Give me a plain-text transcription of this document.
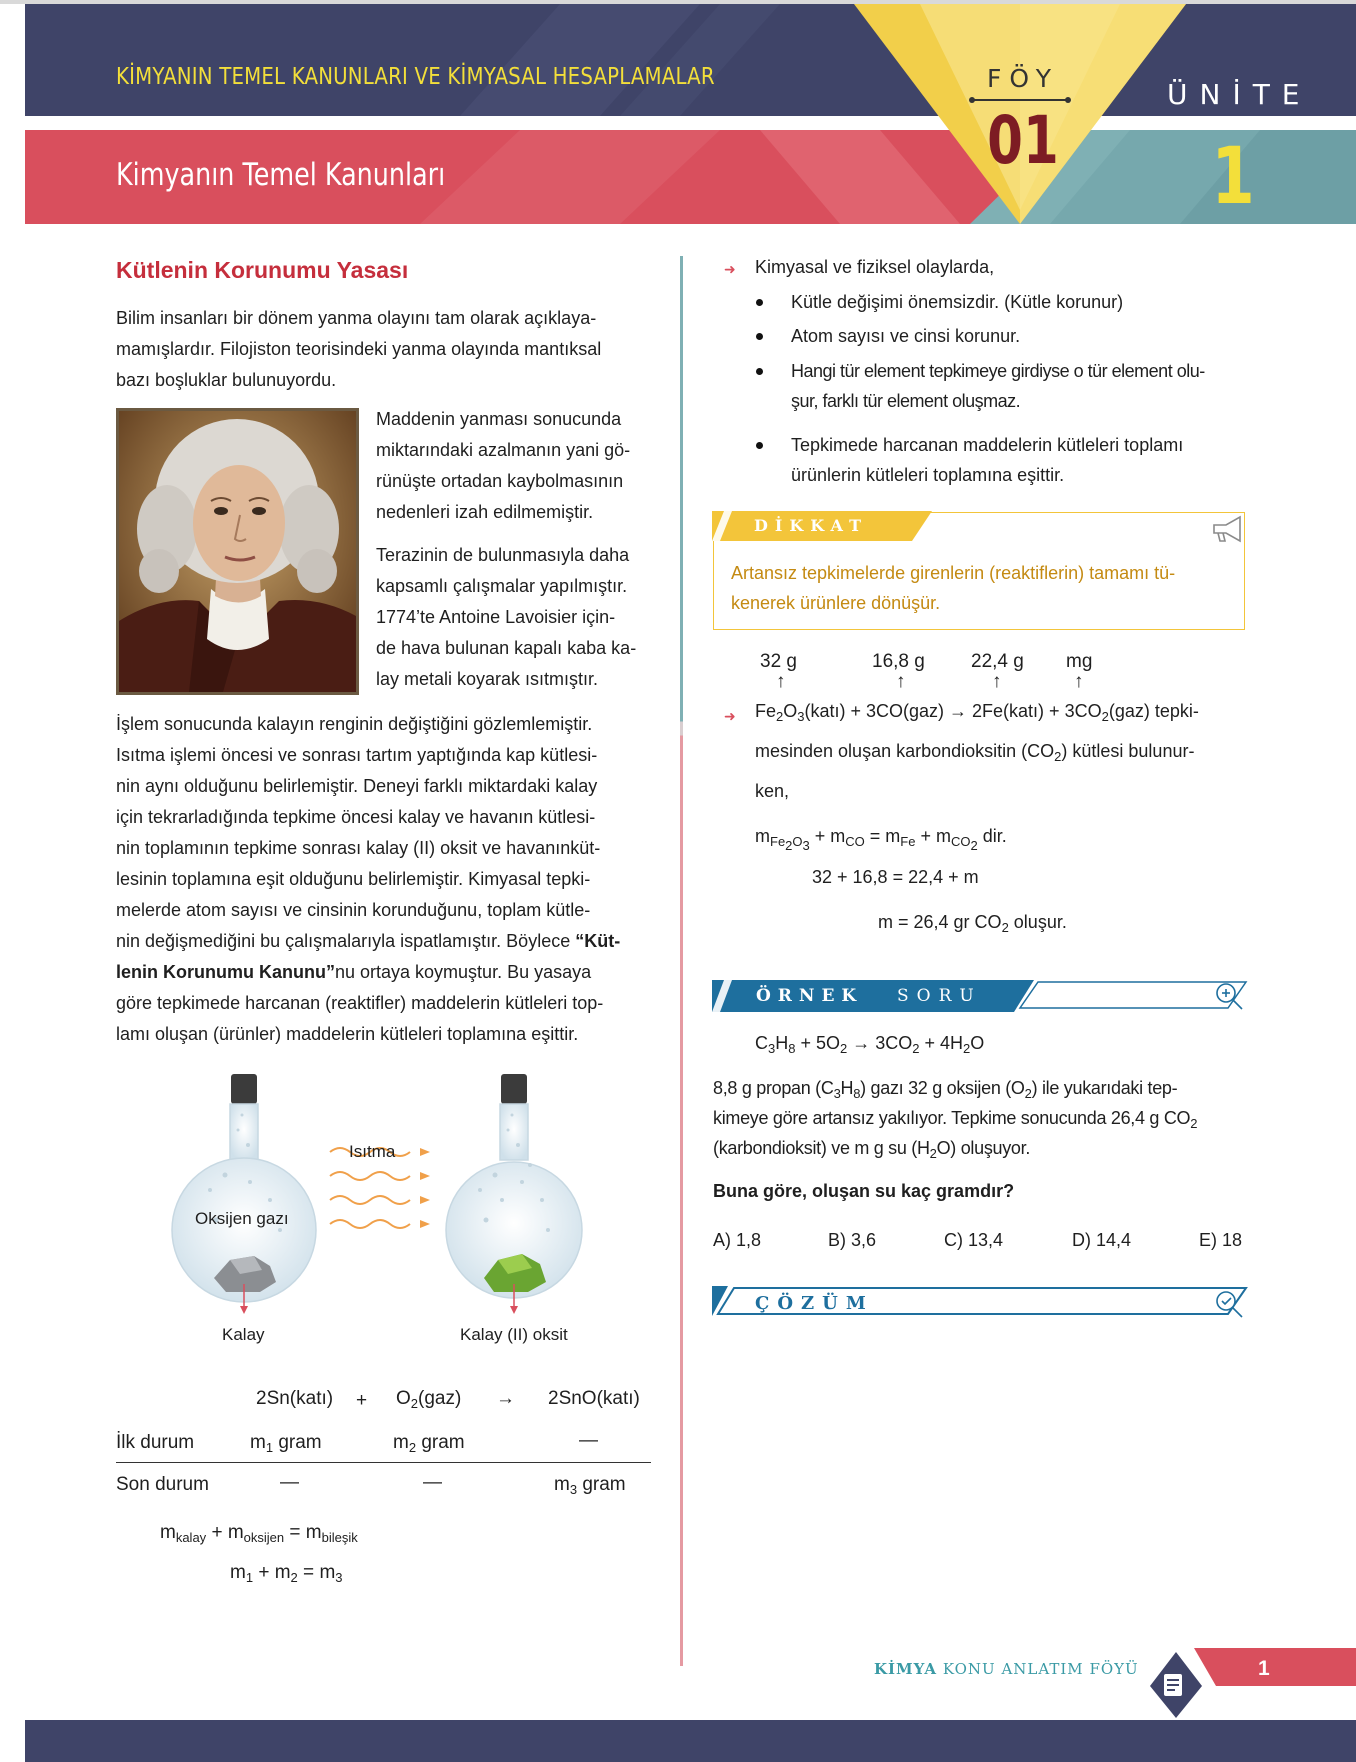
KİMYANIN TEMEL KANUNLARI VE KİMYASAL HESAPLAMALAR
Kimyanın Temel Kanunları
FÖY
01
ÜNİTE
1
Kütlenin Korunumu Yasası
Bilim insanları bir dönem yanma olayını tam olarak açıklaya-
mamışlardır. Filojiston teorisindeki yanma olayında mantıksal
bazı boşluklar bulunuyordu.
Maddenin yanması sonucunda
miktarındaki azalmanın yani gö-
rünüşte ortadan kaybolmasının
nedenleri izah edilmemiştir.
Terazinin de bulunmasıyla daha
kapsamlı çalışmalar yapılmıştır.
1774’te Antoine Lavoisier için-
de hava bulunan kapalı kaba ka-
lay metali koyarak ısıtmıştır.
İşlem sonucunda kalayın renginin değiştiğini gözlemlemiştir.
Isıtma işlemi öncesi ve sonrası tartım yaptığında kap kütlesi-
nin aynı olduğunu belirlemiştir. Deneyi farklı miktardaki kalay
için tekrarladığında tepkime öncesi kalay ve havanın kütlesi-
nin toplamının tepkime sonrası kalay (II) oksit ve havanınküt-
lesinin toplamına eşit olduğunu belirlemiştir. Kimyasal tepki-
melerde atom sayısı ve cinsinin korunduğunu, toplam kütle-
nin değişmediğini bu çalışmalarıyla ispatlamıştır. Böylece “Küt-
lenin Korunumu Kanunu”nu ortaya koymuştur. Bu yasaya
göre tepkimede harcanan (reaktifler) maddelerin kütleleri top-
lamı oluşan (ürünler) maddelerin kütleleri toplamına eşittir.
Isıtma
Oksijen gazı
Kalay	Kalay (II) oksit
2Sn(katı) + $O_2(gaz)$ → 2SnO(katı)
İlk durum	$m_1$ gram	$m_2$ gram	—
Son durum	—	—	$m_3$ gram
$m_{kalay} + m_{oksijen} = m_{bileşik}$
$m_1 + m_2 = m_3$
➜ Kimyasal ve fiziksel olaylarda,
Kütle değişimi önemsizdir. (Kütle korunur)
Atom sayısı ve cinsi korunur.
Hangi tür element tepkimeye girdiyse o tür element olu-
şur, farklı tür element oluşmaz.
Tepkimede harcanan maddelerin kütleleri toplamı
ürünlerin kütleleri toplamına eşittir.
DİKKAT
Artansız tepkimelerde girenlerin (reaktiflerin) tamamı tü-
kenerek ürünlere dönüşür.
32 g	16,8 g 22,4 g mg
↑	↑	↑	↑
➜ $Fe_2O_3(katı) + 3CO(gaz)$ → 2Fe(katı) + $3CO_2(gaz)$ tepki-
mesinden oluşan karbondioksitin $(CO_2)$ kütlesi bulunur-
ken,
$m_{Fe_2O_3} + m_{CO} = m_{Fe} + m_{CO_2}$ dir.
32 + 16,8 = 22,4 + m
m = 26,4 gr $CO_2$ oluşur.
ÖRNEK SORU
$C_3H_8 + 5O_2 \to 3CO_2 + 4H_2O$
8,8 g propan $(C_3H_8)$ gazı 32 g oksijen $(O_2)$ ile yukarıdaki tep-
kimeye göre artansız yakılıyor. Tepkime sonucunda 26,4 g $CO_2$
(karbondioksit) ve m g su $(H_2O)$ oluşuyor.
Buna göre, oluşan su kaç gramdır?
A) 1,8	B) 3,6	C) 13,4	D) 14,4	E) 18
ÇÖZÜM
KİMYA KONU ANLATIM FÖYÜ	1
